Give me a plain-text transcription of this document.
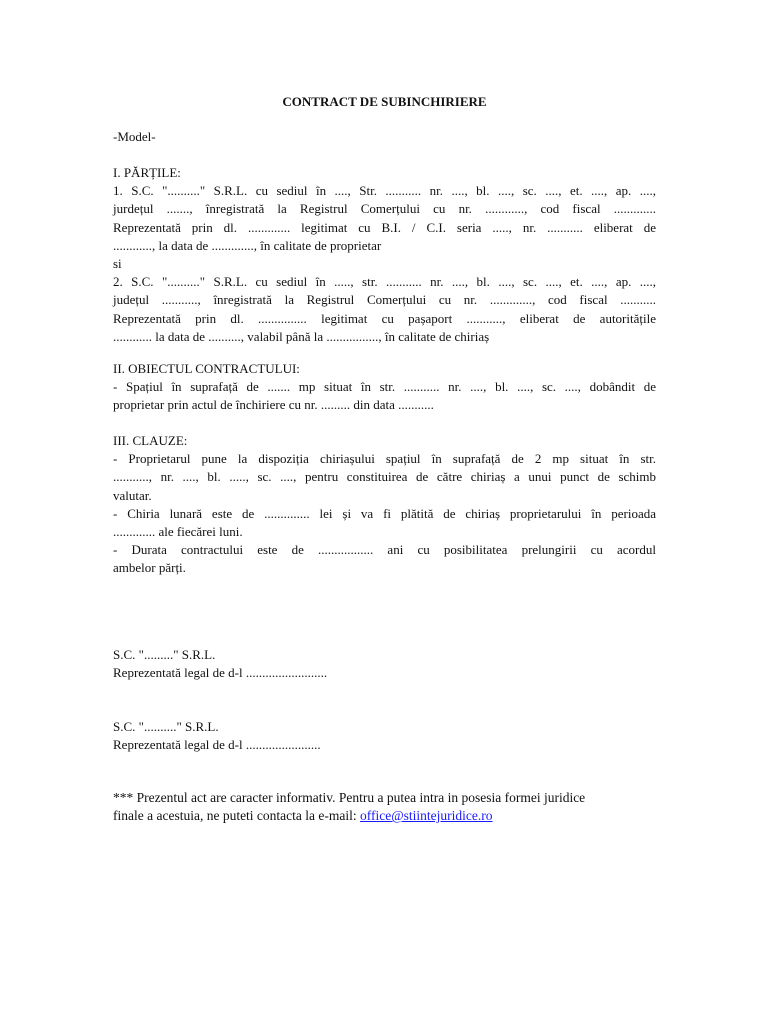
CONTRACT DE SUBINCHIRIERE
-Model-
I. PĂRȚILE:
1. S.C. ".........." S.R.L. cu sediul în ...., Str. ........... nr. ...., bl. ...., sc. ...., et. ...., ap. ....,
jurdețul ......., înregistrată la Registrul Comerțului cu nr. ............, cod fiscal .............
Reprezentată prin dl. ............. legitimat cu B.I. / C.I. seria ....., nr. ........... eliberat de
............, la data de ............., în calitate de proprietar
si
2. S.C. ".........." S.R.L. cu sediul în ....., str. ........... nr. ...., bl. ...., sc. ...., et. ...., ap. ....,
județul ..........., înregistrată la Registrul Comerțului cu nr. ............., cod fiscal ...........
Reprezentată prin dl. ............... legitimat cu pașaport ..........., eliberat de autoritățile
............ la data de .........., valabil până la ................, în calitate de chiriaș
II. OBIECTUL CONTRACTULUI:
- Spațiul în suprafață de ....... mp situat în str. ........... nr. ...., bl. ...., sc. ...., dobândit de
proprietar prin actul de închiriere cu nr. ......... din data ...........
III. CLAUZE:
- Proprietarul pune la dispoziția chiriașului spațiul în suprafață de 2 mp situat în str.
..........., nr. ...., bl. ....., sc. ...., pentru constituirea de către chiriaș a unui punct de schimb
valutar.
- Chiria lunară este de .............. lei și va fi plătită de chiriaș proprietarului în perioada
............. ale fiecărei luni.
- Durata contractului este de ................. ani cu posibilitatea prelungirii cu acordul
ambelor părți.
S.C. "........." S.R.L.
Reprezentată legal de d-l .........................
S.C. ".........." S.R.L.
Reprezentată legal de d-l .......................
*** Prezentul act are caracter informativ. Pentru a putea intra in posesia formei juridice
finale a acestuia, ne puteti contacta la e-mail: office@stiintejuridice.ro
